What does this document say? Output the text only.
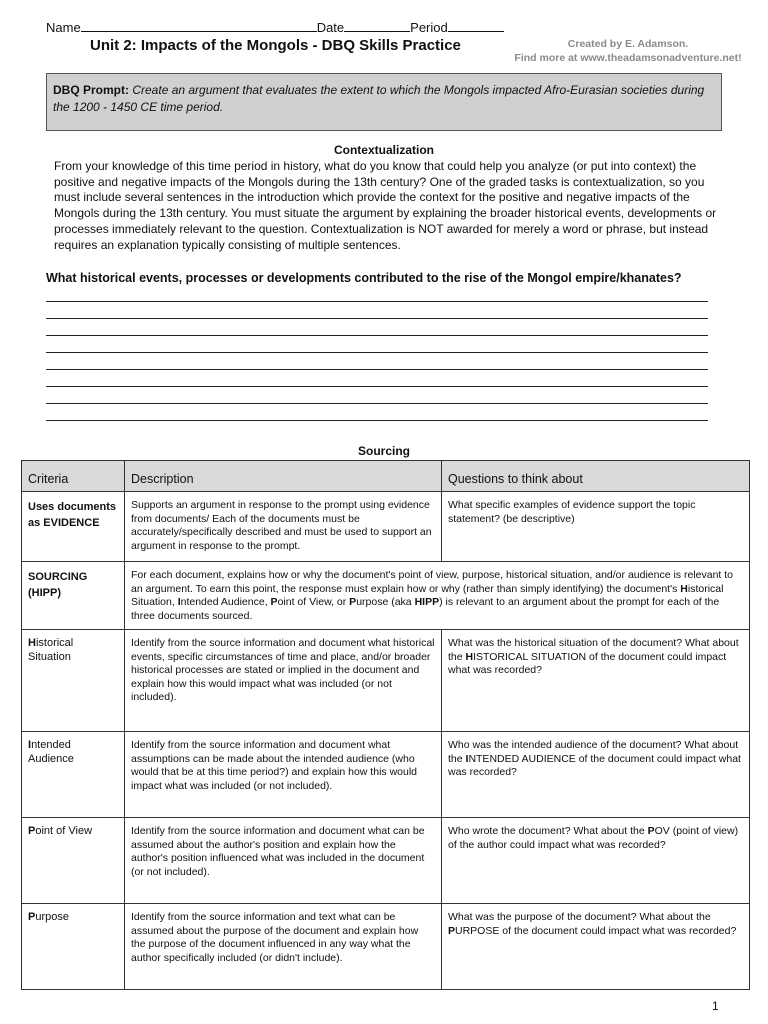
Name	Date	Period
Unit 2: Impacts of the Mongols - DBQ Skills Practice	Created by E. Adamson.
Find more at www.theadamsonadventure.net!
DBQ Prompt: Create an argument that evaluates the extent to which the Mongols impacted Afro-Eurasian societies during the 1200 - 1450 CE time period.
Contextualization
From your knowledge of this time period in history, what do you know that could help you analyze (or put into context) the positive and negative impacts of the Mongols during the 13th century? One of the graded tasks is contextualization, so you must include several sentences in the introduction which provide the context for the positive and negative impacts of the Mongols during the 13th century. You must situate the argument by explaining the broader historical events, developments or processes immediately relevant to the question. Contextualization is NOT awarded for merely a word or phrase, but instead requires an explanation typically consisting of multiple sentences.
What historical events, processes or developments contributed to the rise of the Mongol empire/khanates?
Sourcing
Criteria	Description	Questions to think about
Uses documents as EVIDENCE	Supports an argument in response to the prompt using evidence from documents/ Each of the documents must be accurately/specifically described and must be used to support an argument in response to the prompt.	What specific examples of evidence support the topic statement? (be descriptive)

SOURCING
(HIPP)	For each document, explains how or why the document's point of view, purpose, historical situation, and/or audience is relevant to an argument. To earn this point, the response must explain how or why (rather than simply identifying) the document's Historical Situation, Intended Audience, Point of View, or Purpose (aka HIPP) is relevant to an argument about the prompt for each of the three documents sourced.	
Historical Situation	Identify from the source information and document what historical events, specific circumstances of time and place, and/or broader historical processes are stated or implied in the document and explain how this would impact what was included (or not included).	What was the historical situation of the document? What about the HISTORICAL SITUATION of the document could impact what was recorded?
Intended Audience	Identify from the source information and document what assumptions can be made about the intended audience (who would that be at this time period?) and explain how this would impact what was included (or not included).	Who was the intended audience of the document? What about the INTENDED AUDIENCE of the document could impact what was recorded?
Point of View	Identify from the source information and document what can be assumed about the author's position and explain how the author's position influenced what was included in the document (or not included).	Who wrote the document? What about the POV (point of view) of the author could impact what was recorded?
Purpose	Identify from the source information and text what can be assumed about the purpose of the document and explain how the purpose of the document influenced in any way what the author specifically included (or didn't include).	What was the purpose of the document? What about the PURPOSE of the document could impact what was recorded?
1
